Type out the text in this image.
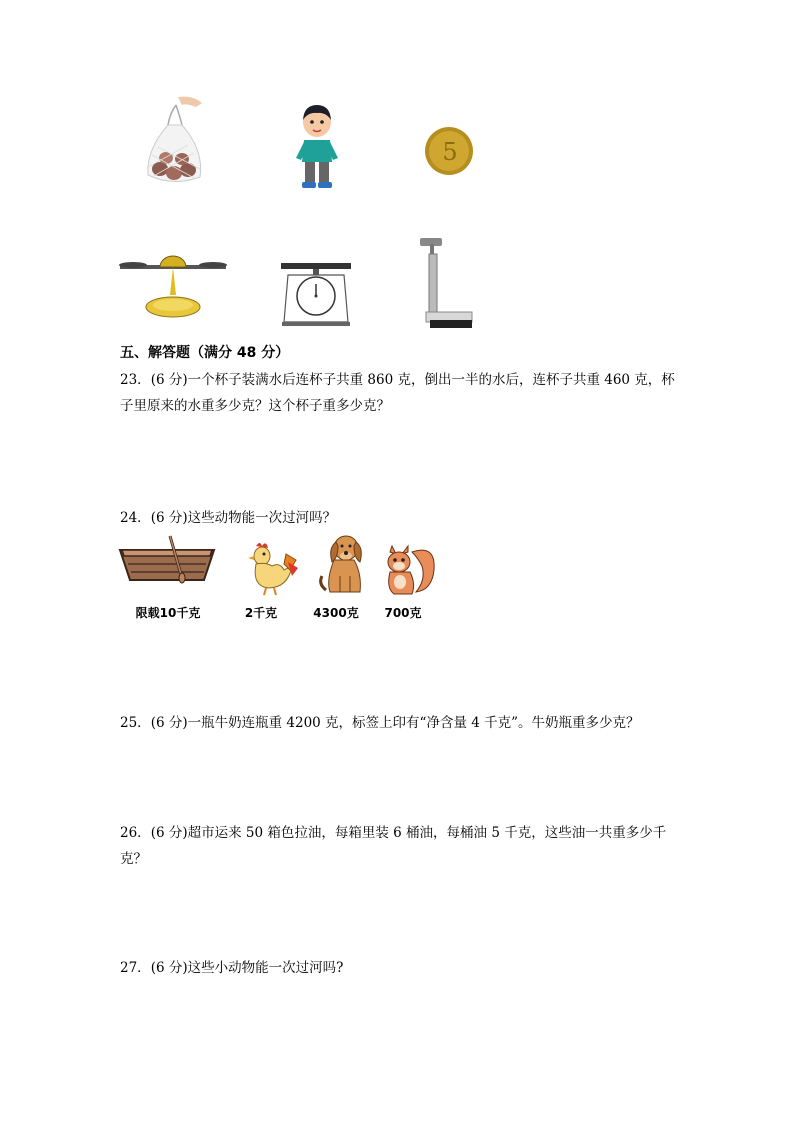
5
五、解答题（满分 48 分）
23．(6 分)一个杯子装满水后连杯子共重 860 克，倒出一半的水后，连杯子共重 460 克，杯子里原来的水重多少克？这个杯子重多少克？
24．(6 分)这些动物能一次过河吗？
限载10千克	2千克	4300克	700克
25．(6 分)一瓶牛奶连瓶重 4200 克，标签上印有“净含量 4 千克”。牛奶瓶重多少克？
26．(6 分)超市运来 50 箱色拉油，每箱里装 6 桶油，每桶油 5 千克，这些油一共重多少千克？
27．(6 分)这些小动物能一次过河吗?
